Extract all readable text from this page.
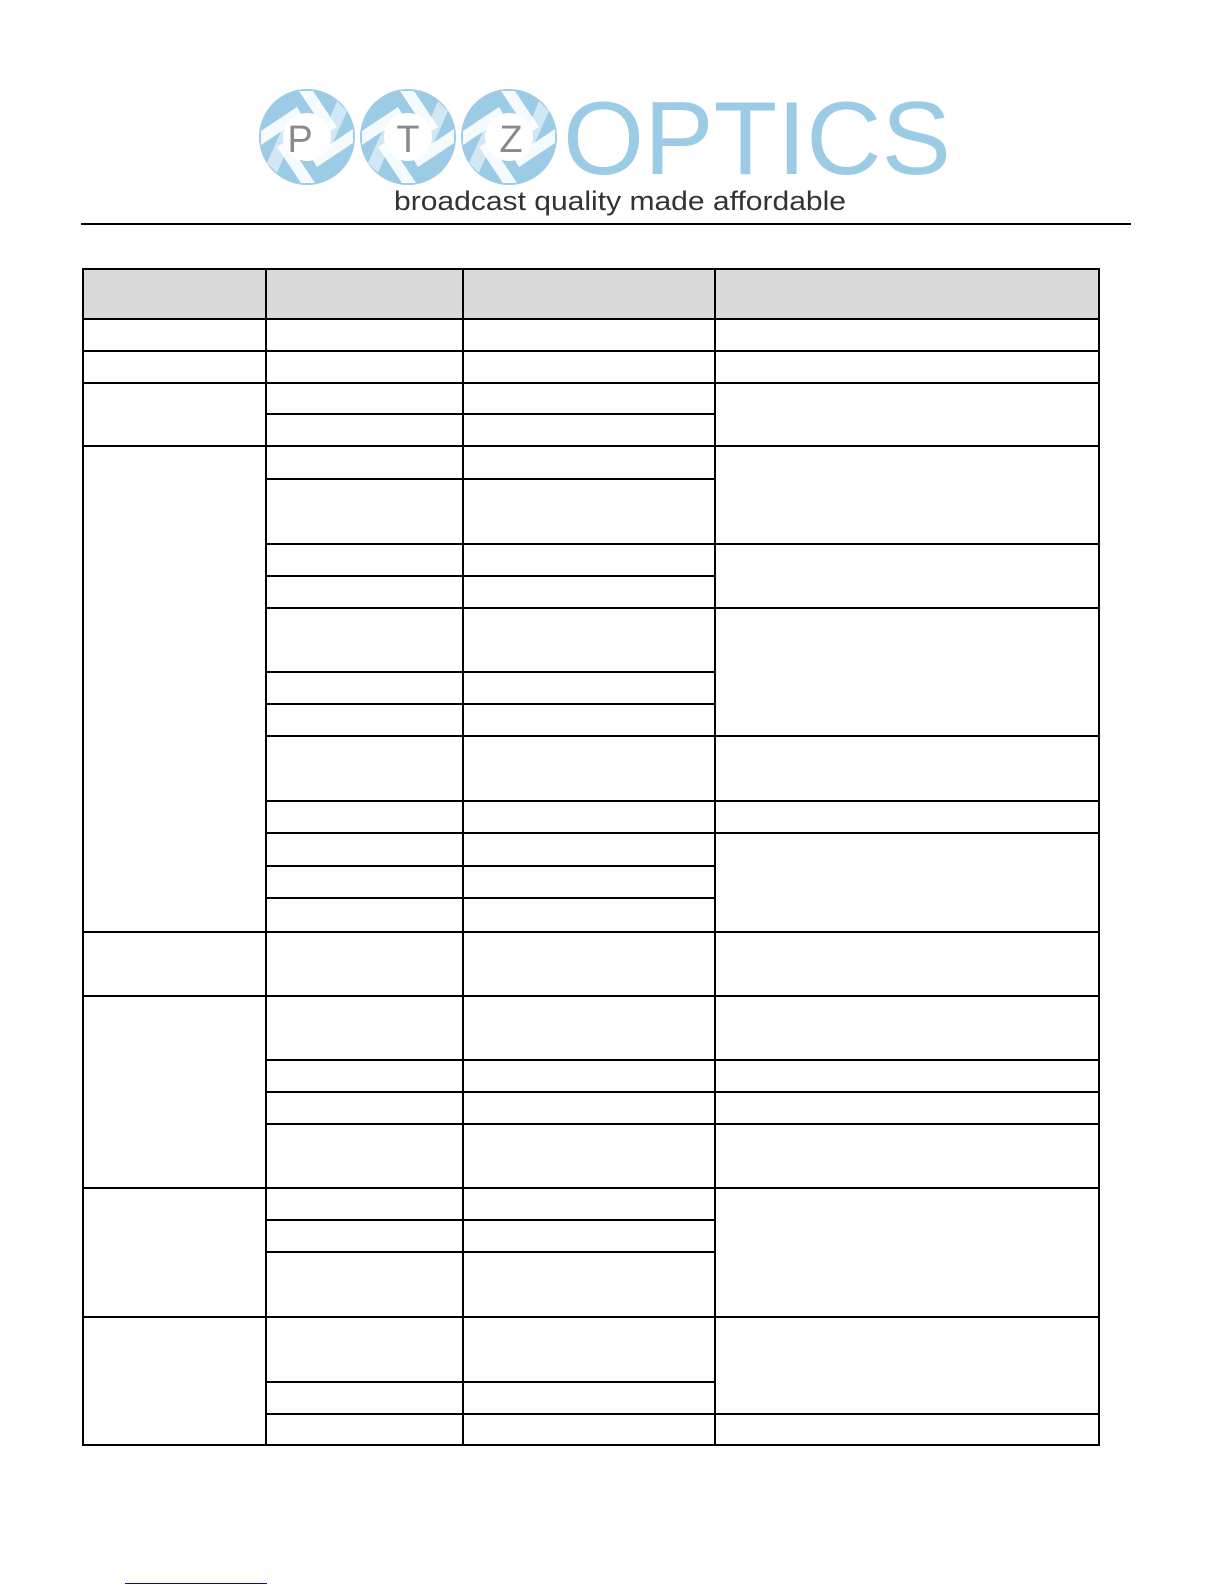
P T Z OPTICS
broadcast quality made affordable
